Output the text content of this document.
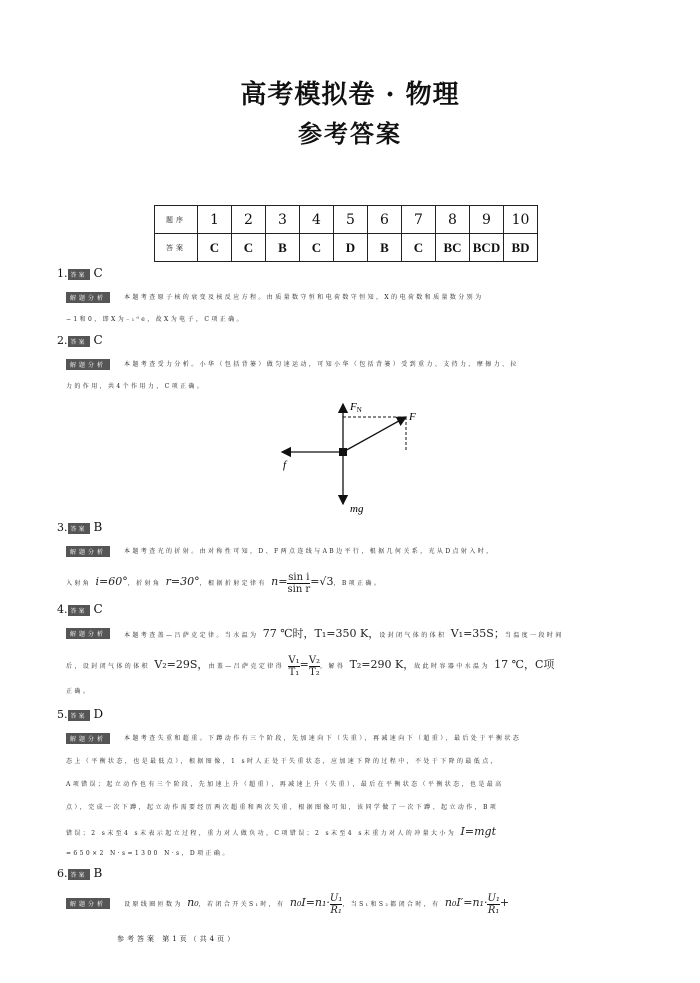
高考模拟卷 · 物理
参考答案
题序	1	2	3	4	5	6	7	8	9	10
答案	C	C	B	C	D	B	C	BC	BCD	BD
1. 答案 C
解题分析	本题考查原子核的衰变及核反应方程。由质量数守恒和电荷数守恒知，X的电荷数和质量数分别为
−1和0，即X为₋₁⁰e，故X为电子，C项正确。
2. 答案 C
解题分析	本题考查受力分析。小华（包括背篓）做匀速运动，可知小华（包括背篓）受到重力、支持力、摩擦力、拉
力的作用，共4个作用力，C项正确。
FN
F
f
mg
3. 答案 B
解题分析	本题考查光的折射。由对称性可知，D、F两点连线与AB边平行，根据几何关系，光从D点射入时，
入射角 i=60°，折射角 r=30°，根据折射定律有 $n= \frac{\text{sin i}}{\text{sin r}} =√3$，B项正确。
4. 答案 C
解题分析	本题考查盖—吕萨克定律。当水温为 77 ℃时，T₁=350 K，设封闭气体的体积 V₁=35S；当温度一段时间
后，设封闭气体的体积 V₂=29S，由盖—吕萨克定律得 $\frac{\text{V₁}}{\text{T₁}} = \frac{\text{V₂}}{\text{T₂}}$ ，解得 T₂=290 K，故此时容器中水温为 17 ℃，C项
正确。
5. 答案 D
解题分析	本题考查失重和超重。下蹲动作有三个阶段，先加速向下（失重），再减速向下（超重），最后处于平衡状态
态上（平衡状态，也是最低点），根据图像，1 s时人正处于失重状态，应加速下降的过程中，不处于下降的最低点，
A项错误；起立动作也有三个阶段，先加速上升（超重），再减速上升（失重），最后在平衡状态（平衡状态，也是最高
点），完成一次下蹲，起立动作需要经历两次超重和两次失重，根据图像可知，该同学做了一次下蹲、起立动作，B项
错误；2 s末至4 s末表示起立过程，重力对人做负功，C项错误；2 s末至4 s末重力对人的冲量大小为 I=mgt
=650×2 N·s=1300 N·s，D项正确。
6. 答案 B
解题分析	设原线圈匝数为 n₀，若闭合开关S₁时，有 $n_0I=n_1\cdot \frac{\text{U₁}}{\text{R₁}}$ ，当S₁和S₂都闭合时，有 $n_0I'=n_1\cdot \frac{\text{U₁}}{\text{R₁}}$ +
参考答案 第1页（共4页）
